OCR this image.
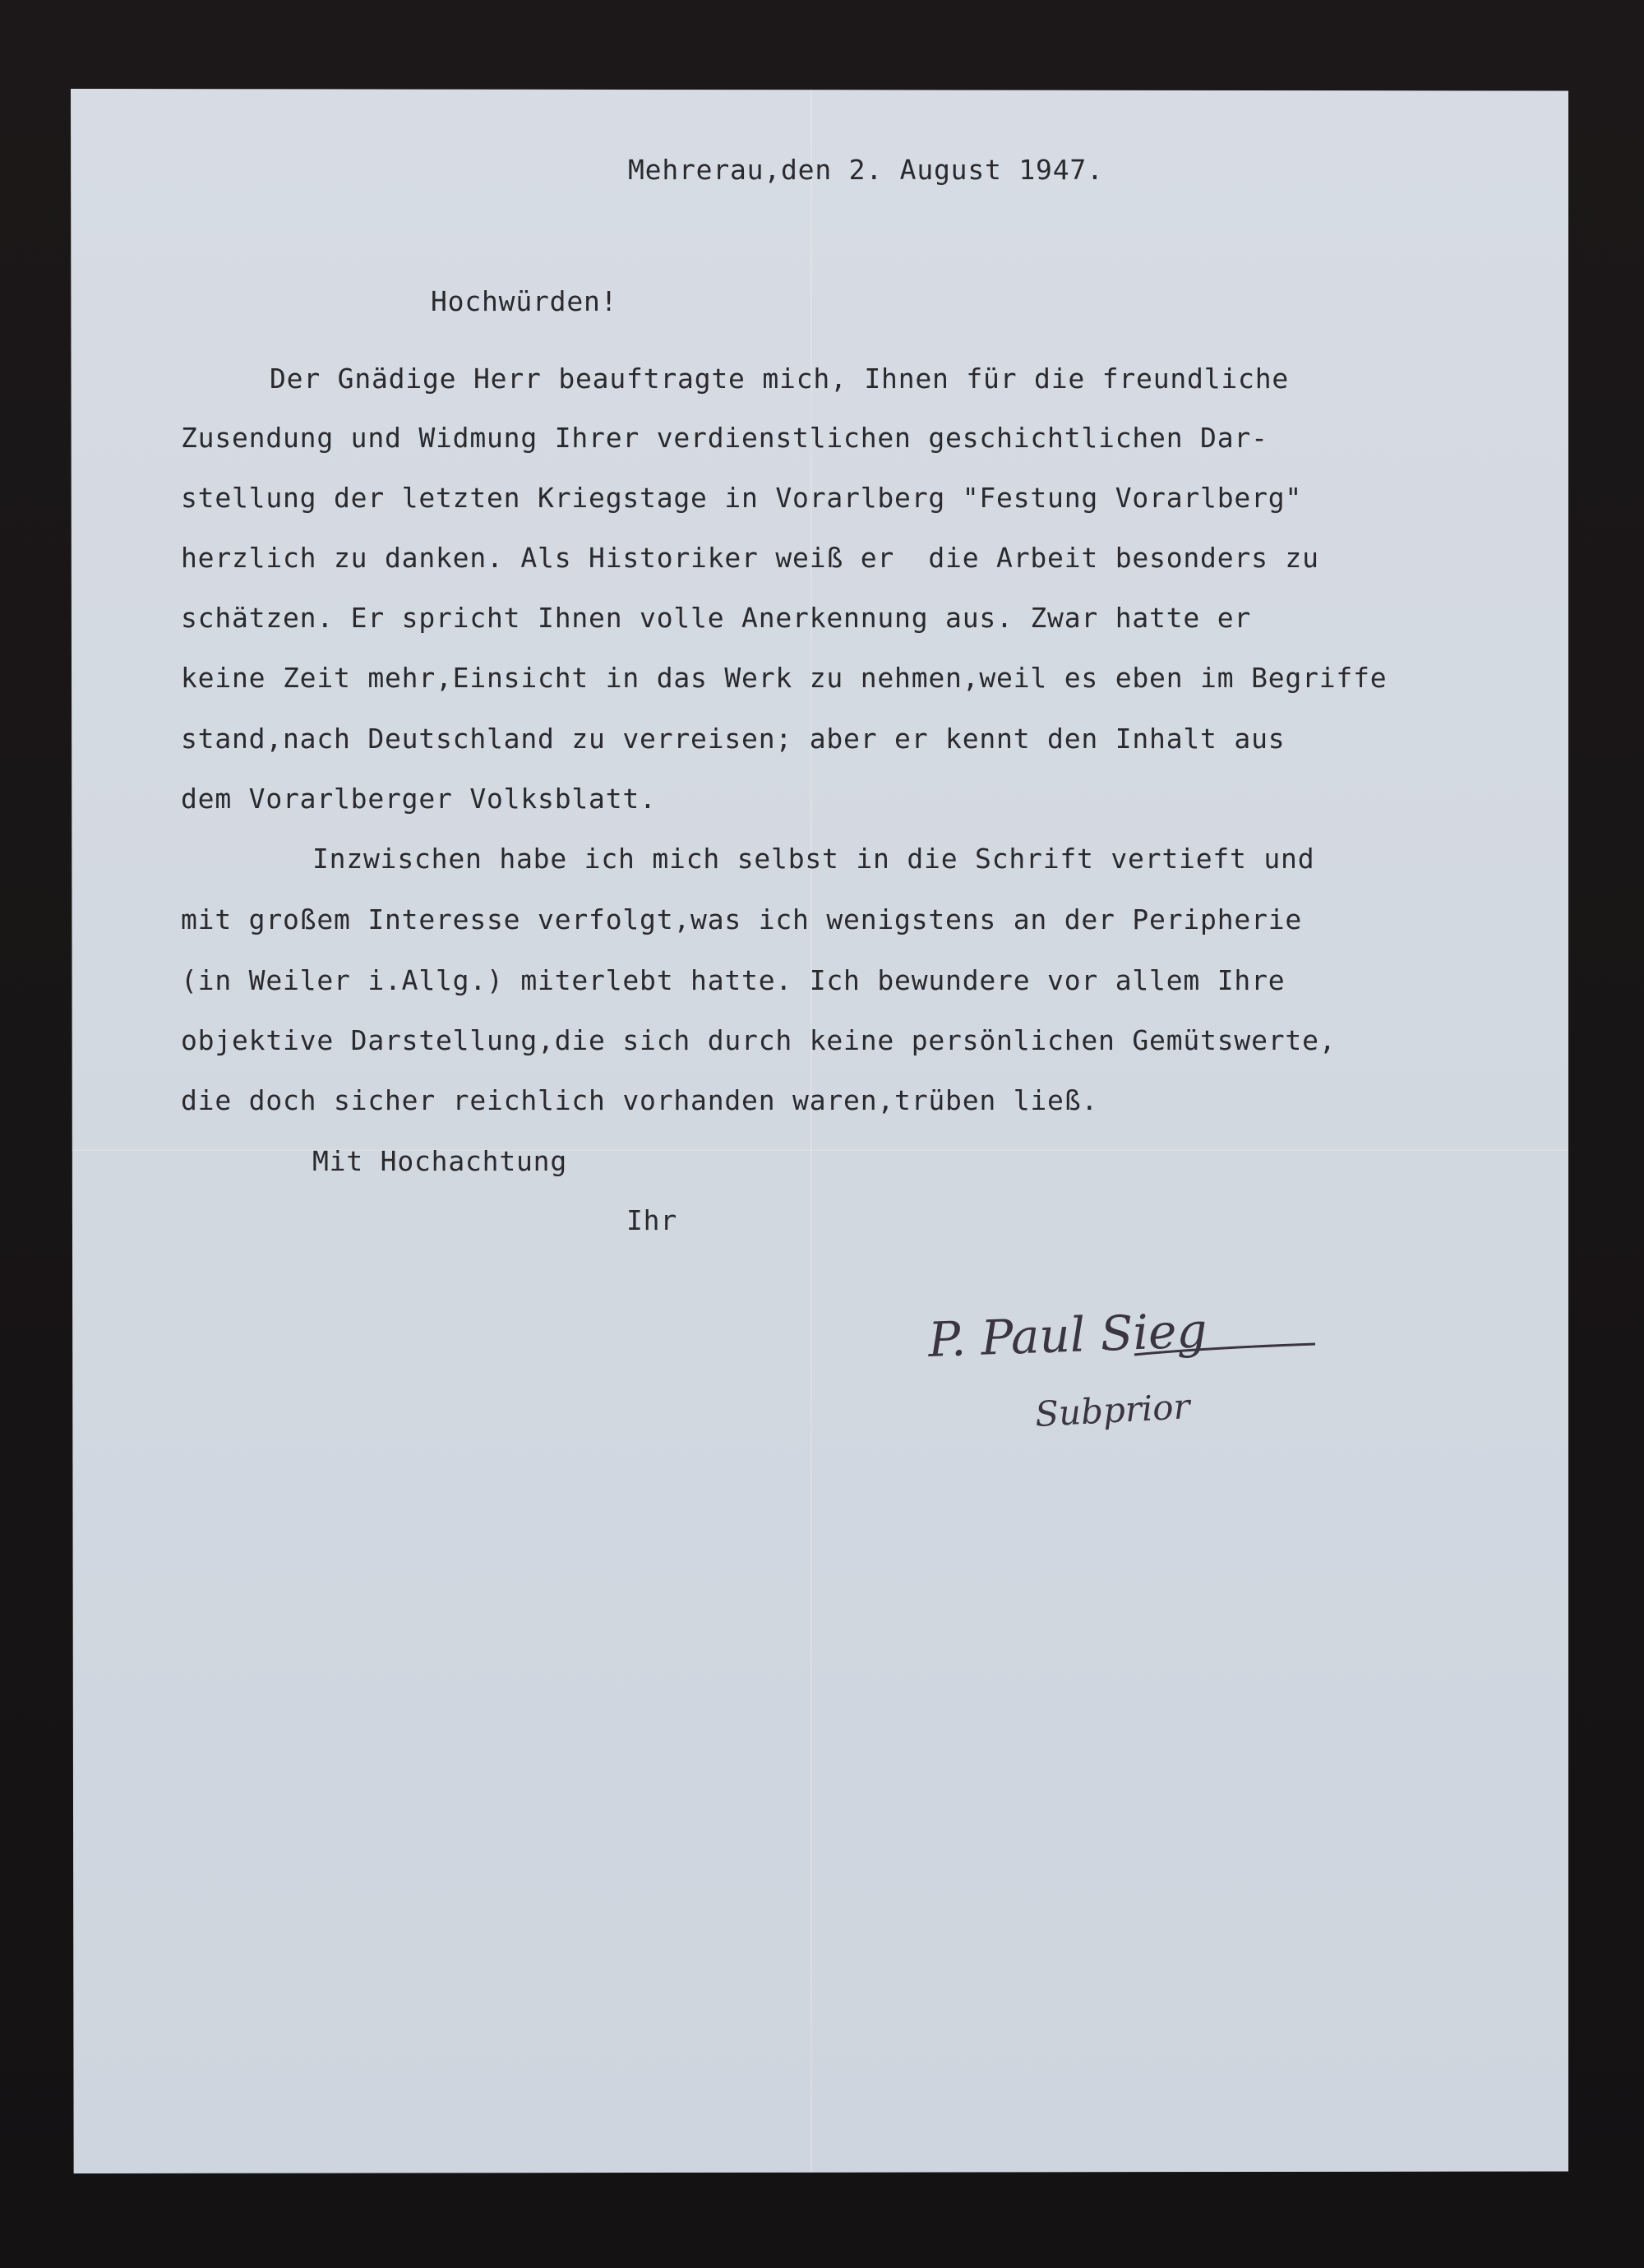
Mehrerau,den 2. August 1947.
Hochwürden!
Der Gnädige Herr beauftragte mich, Ihnen für die freundliche
Zusendung und Widmung Ihrer verdienstlichen geschichtlichen Dar-
stellung der letzten Kriegstage in Vorarlberg "Festung Vorarlberg"
herzlich zu danken. Als Historiker weiß er  die Arbeit besonders zu
schätzen. Er spricht Ihnen volle Anerkennung aus. Zwar hatte er
keine Zeit mehr,Einsicht in das Werk zu nehmen,weil es eben im Begriffe
stand,nach Deutschland zu verreisen; aber er kennt den Inhalt aus
dem Vorarlberger Volksblatt.
Inzwischen habe ich mich selbst in die Schrift vertieft und
mit großem Interesse verfolgt,was ich wenigstens an der Peripherie
(in Weiler i.Allg.) miterlebt hatte. Ich bewundere vor allem Ihre
objektive Darstellung,die sich durch keine persönlichen Gemütswerte,
die doch sicher reichlich vorhanden waren,trüben ließ.
Mit Hochachtung
Ihr
P. Paul Sieg
Subprior
